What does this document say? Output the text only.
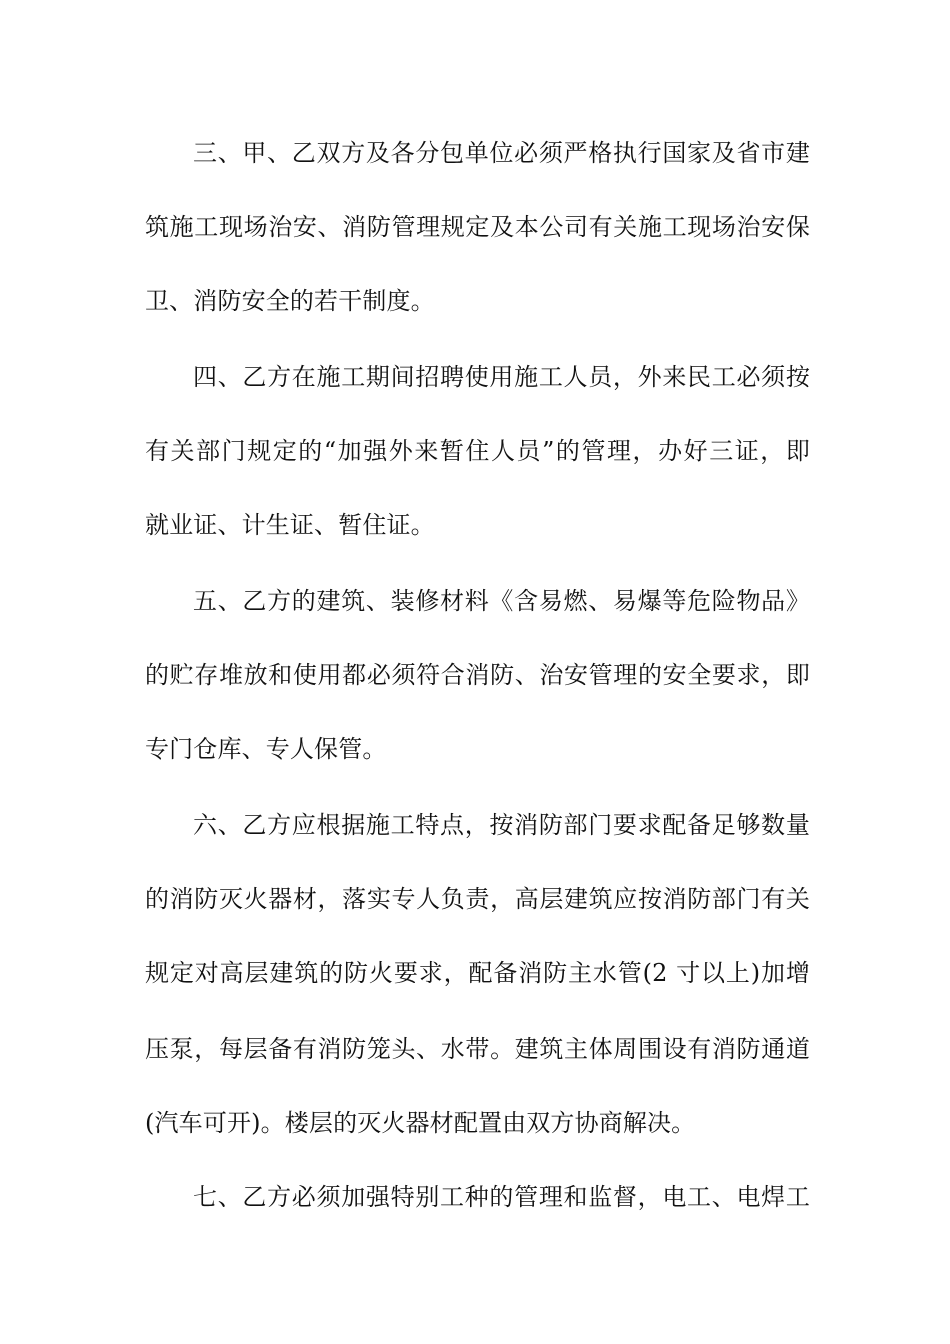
三、甲、乙双方及各分包单位必须严格执行国家及省市建
筑施工现场治安、消防管理规定及本公司有关施工现场治安保
卫、消防安全的若干制度。
四、乙方在施工期间招聘使用施工人员，外来民工必须按
有关部门规定的“加强外来暂住人员”的管理，办好三证，即
就业证、计生证、暂住证。
五、乙方的建筑、装修材料《含易燃、易爆等危险物品》
的贮存堆放和使用都必须符合消防、治安管理的安全要求，即
专门仓库、专人保管。
六、乙方应根据施工特点，按消防部门要求配备足够数量
的消防灭火器材，落实专人负责，高层建筑应按消防部门有关
规定对高层建筑的防火要求，配备消防主水管(2 寸以上)加增
压泵，每层备有消防笼头、水带。建筑主体周围设有消防通道
(汽车可开)。楼层的灭火器材配置由双方协商解决。
七、乙方必须加强特别工种的管理和监督，电工、电焊工
